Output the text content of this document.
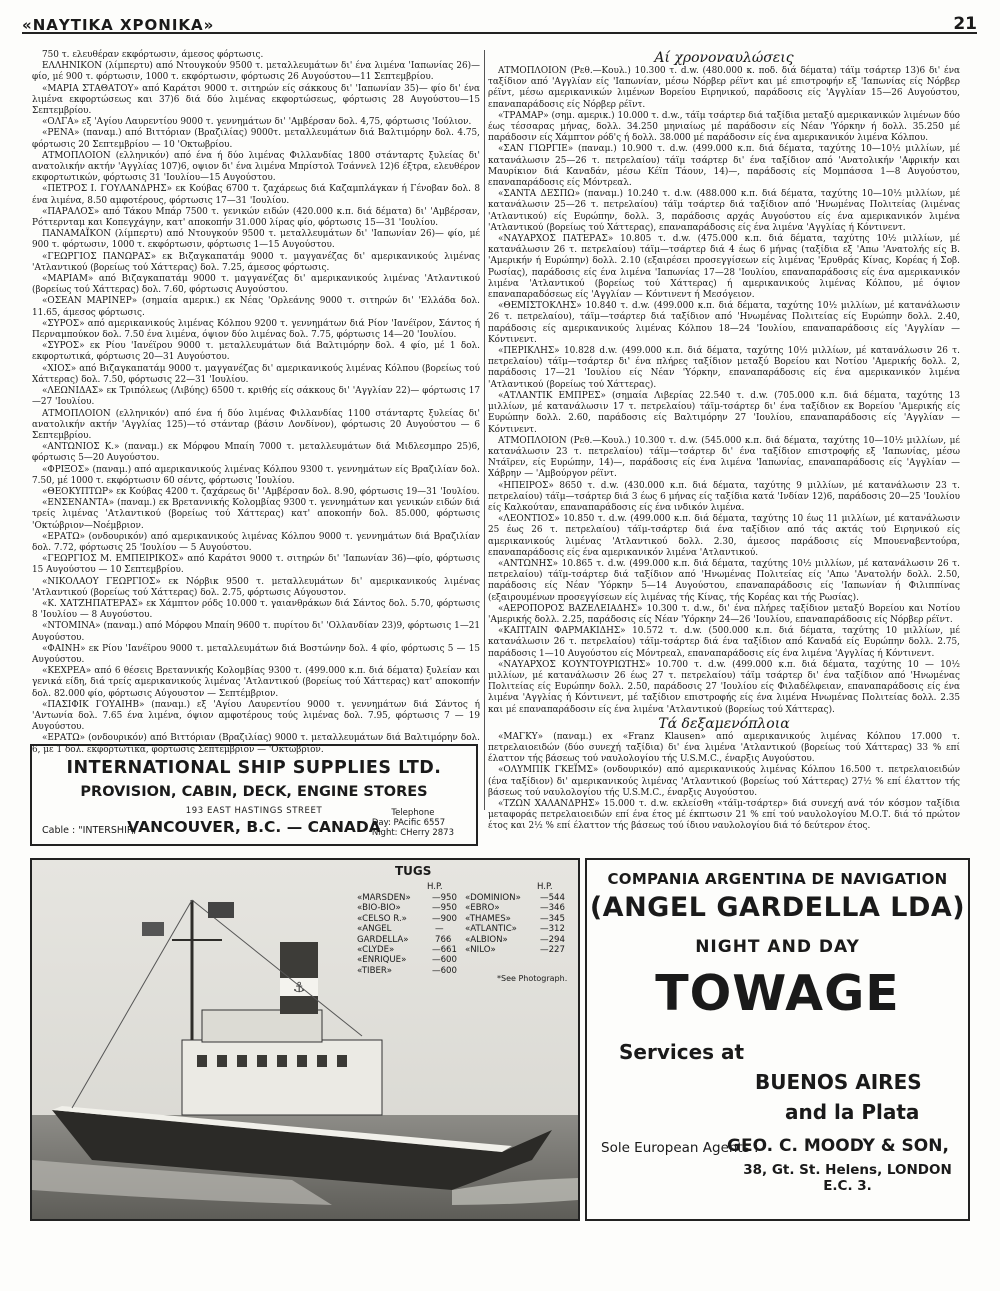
«ΝΑΥΤΙΚΑ ΧΡΟΝΙΚΑ»	21

750 τ. ελευθέραν εκφόρτωσιν, άμεσος φόρτωσις.

ΕΛΛΗΝΙΚΟΝ (λίμπερτυ) από Ντουγκούν 9500 τ. μεταλλευμάτων δι' ένα λιμένα 'Ιαπωνίας 26)— φίο, μέ 900 τ. φόρτωσιν, 1000 τ. εκφόρτωσιν, φόρτωσις 26 Αυγούστου—11 Σεπτεμβρίου.

«ΜΑΡΙΑ ΣΤΑΘΑΤΟΥ» από Καράτσι 9000 τ. σιτηρών είς σάκκους δι' 'Ιαπωνίαν 35)— φίο δι' ένα λιμένα εκφορτώσεως και 37)6 διά δύο λιμένας εκφορτώσεως, φόρτωσις 28 Αυγούστου—15 Σεπτεμβρίου.

«ΟΛΓΑ» εξ 'Αγίου Λαυρεντίου 9000 τ. γεννημάτων δι' 'Αμβέρσαν δολ. 4,75, φόρτωσις 'Ιούλιον.

«ΡΕΝΑ» (παναμ.) από Βιττόριαν (Βραζιλίας) 9000τ. μεταλλευμάτων διά Βαλτιμόρην δολ. 4.75, φόρτωσις 20 Σεπτεμβρίου — 10 'Οκτωβρίου.

ΑΤΜΟΠΛΟΙΟΝ (ελληνικόν) από ένα ή δύο λιμένας Φιλλανδίας 1800 στάνταρτς ξυλείας δι' ανατολικήν ακτήν 'Αγγλίας 107)6, οψιον δι' ένα λιμένα Μπρίστολ Τσάννελ 12)6 έξτρα, ελευθέρον εκφορτωτικών, φόρτωσις 31 'Ιουλίου—15 Αυγούστου.

«ΠΕΤΡΟΣ Ι. ΓΟΥΛΑΝΔΡΗΣ» εκ Κούβας 6700 τ. ζαχάρεως διά Καζαμπλάγκαν ή Γένοβαν δολ. 8 ένα λιμένα, 8.50 αμφοτέρους, φόρτωσις 17—31 'Ιουλίου.

«ΠΑΡΑΛΟΣ» από Τάκου Μπάρ 7500 τ. γενικών ειδών (420.000 κ.π. διά δέματα) δι' 'Αμβέρσαν, Ρόττερνταμ και Κοπεγχάγην, κατ' αποκοπήν 31.000 λίρας φίο, φόρτωσις 15—31 'Ιουλίου.

ΠΑΝΑΜΑΪΚΟΝ (λίμπερτυ) από Ντουγκούν 9500 τ. μεταλλευμάτων δι' 'Ιαπωνίαν 26)— φίο, μέ 900 τ. φόρτωσιν, 1000 τ. εκφόρτωσιν, φόρτωσις 1—15 Αυγούστου.

«ΓΕΩΡΓΙΟΣ ΠΑΝΩΡΑΣ» εκ Βιζαγκαπατάμ 9000 τ. μαγγανέζας δι' αμερικανικούς λιμένας 'Ατλαντικού (βορείως τού Χάττερας) δολ. 7.25, άμεσος φόρτωσις.

«ΜΑΡΙΑΜ» από Βιζαγκαπατάμ 9000 τ. μαγγανέζας δι' αμερικανικούς λιμένας 'Ατλαντικού (βορείως τού Χάττερας) δολ. 7.60, φόρτωσις Αυγούστου.

«ΟΣΕΑΝ ΜΑΡΙΝΕΡ» (σημαία αμερικ.) εκ Νέας 'Ορλεάνης 9000 τ. σιτηρών δι' 'Ελλάδα δολ. 11.65, άμεσος φόρτωσις.

«ΣΥΡΟΣ» από αμερικανικούς λιμένας Κόλπου 9200 τ. γεννημάτων διά Ρίον 'Ιανέϊρον, Σάντος ή Περναμπούκον δολ. 7.50 ένα λιμένα, όψιον δύο λιμένας δολ. 7.75, φόρτωσις 14—20 'Ιουλίου.

«ΣΥΡΟΣ» εκ Ρίου 'Ιανέϊρου 9000 τ. μεταλλευμάτων διά Βαλτιμόρην δολ. 4 φίο, μέ 1 δολ. εκφορτωτικά, φόρτωσις 20—31 Αυγούστου.

«ΧΙΟΣ» από Βιζαγκαπατάμ 9000 τ. μαγγανέζας δι' αμερικανικούς λιμένας Κόλπου (βορείως τού Χάττερας) δολ. 7.50, φόρτωσις 22—31 'Ιουλίου.

«ΛΕΩΝΙΔΑΣ» εκ Τριπόλεως (Λιβύης) 6500 τ. κριθής είς σάκκους δι' 'Αγγλίαν 22)— φόρτωσις 17—27 'Ιουλίου.

ΑΤΜΟΠΛΟΙΟΝ (ελληνικόν) από ένα ή δύο λιμένας Φιλλανδίας 1100 στάνταρτς ξυλείας δι' ανατολικήν ακτήν 'Αγγλίας 125)—τό στάνταρ (βάσιν Λονδίνον), φόρτωσις 20 Αυγούστου — 6 Σεπτεμβρίου.

«ΑΝΤΩΝΙΟΣ Κ.» (παναμ.) εκ Μόρφου Μπαίη 7000 τ. μεταλλευμάτων διά Μιδλεσμπρο 25)6, φόρτωσις 5—20 Αυγούστου.

«ΦΡΙΞΟΣ» (παναμ.) από αμερικανικούς λιμένας Κόλπου 9300 τ. γεννημάτων είς Βραζιλίαν δολ. 7.50, μέ 1000 τ. εκφόρτωσιν 60 σέντς, φόρτωσις 'Ιουλίου.

«ΘΕΟΚΥΠΤΩΡ» εκ Κούβας 4200 τ. ζαχάρεως δι' 'Αμβέρσαν δολ. 8.90, φόρτωσις 19—31 'Ιουλίου.

«ΕΝΣΕΝΑΝΤΑ» (παναμ.) εκ Βρεταννικής Κολομβίας 9300 τ. γεννημάτων και γενικών ειδών διά τρείς λιμένας 'Ατλαντικού (βορείως τού Χάττερας) κατ' αποκοπήν δολ. 85.000, φόρτωσις 'Οκτώβριον—Νοέμβριον.

«ΕΡΑΤΩ» (ονδουρικόν) από αμερικανικούς λιμένας Κόλπου 9000 τ. γεννημάτων διά Βραζιλίαν δολ. 7.72, φόρτωσις 25 'Ιουλίου — 5 Αυγούστου.

«ΓΕΩΡΓΙΟΣ Μ. ΕΜΠΕΙΡΙΚΟΣ» από Καράτσι 9000 τ. σιτηρών δι' 'Ιαπωνίαν 36)—φίο, φόρτωσις 15 Αυγούστου — 10 Σεπτεμβρίου.

«ΝΙΚΟΛΑΟΥ ΓΕΩΡΓΙΟΣ» εκ Νόρβικ 9500 τ. μεταλλευμάτων δι' αμερικανικούς λιμένας 'Ατλαντικού (βορείως τού Χάττερας) δολ. 2.75, φόρτωσις Αύγουστον.

«Κ. ΧΑΤΖΗΠΑΤΕΡΑΣ» εκ Χάμπτον ρόδς 10.000 τ. γαιανθράκων διά Σάντος δολ. 5.70, φόρτωσις 8 'Ιουλίου — 8 Αυγούστου.

«ΝΤΟΜΙΝΑ» (παναμ.) από Μόρφου Μπαίη 9600 τ. πυρίτου δι' 'Ολλανδίαν 23)9, φόρτωσις 1—21 Αυγούστου.

«ΦΑΙΝΗ» εκ Ρίου 'Ιανέϊρου 9000 τ. μεταλλευμάτων διά Βοστώνην δολ. 4 φίο, φόρτωσις 5 — 15 Αυγούστου.

«ΚΕΧΡΕΑ» από 6 θέσεις Βρεταννικής Κολομβίας 9300 τ. (499.000 κ.π. διά δέματα) ξυλείαν και γενικά είδη, διά τρείς αμερικανικούς λιμένας 'Ατλαντικού (βορείως τού Χάττερας) κατ' αποκοπήν δολ. 82.000 φίο, φόρτωσις Αύγουστον — Σεπτέμβριον.

«ΠΑΣΙΦΙΚ ΓΟΥΑΙΗΒ» (παναμ.) εξ 'Αγίου Λαυρεντίου 9000 τ. γεννημάτων διά Σάντος ή 'Αντωνία δολ. 7.65 ένα λιμένα, όψιον αμφοτέρους τούς λιμένας δολ. 7.95, φόρτωσις 7 — 19 Αυγούστου.

«ΕΡΑΤΩ» (ονδουρικόν) από Βιττόριαν (Βραζιλίας) 9000 τ. μεταλλευμάτων διά Βαλτιμόρην δολ. 6, μέ 1 δολ. εκφορτωτικά, φόρτωσις Σεπτέμβριον — 'Οκτώβριον.

Αί χρονοναυλώσεις

ΑΤΜΟΠΛΟΙΟΝ (Ρεθ.—Κουλ.) 10.300 τ. d.w. (480.000 κ. ποδ. διά δέματα) τάϊμ τσάρτερ 13)6 δι' ένα ταξίδιον από 'Αγγλίαν είς 'Ιαπωνίαν, μέσω Νόρβερ ρέϊντ και μέ επιστροφήν εξ 'Ιαπωνίας είς Νόρβερ ρέϊντ, μέσω αμερικανικών λιμένων Βορείου Ειρηνικού, παράδοσις είς 'Αγγλίαν 15—26 Αυγούστου, επαναπαράδοσις είς Νόρβερ ρέϊντ.

«ΤΡΑΜΑΡ» (σημ. αμερικ.) 10.000 τ. d.w., τάϊμ τσάρτερ διά ταξίδια μεταξύ αμερικανικών λιμένων δύο έως τέσσαρας μήνας, δολλ. 34.250 μηνιαίως μέ παράδοσιν είς Νέαν 'Υόρκην ή δολλ. 35.250 μέ παράδοσιν είς Χάμπτον ρόδ'ς ή δολλ. 38.000 μέ παράδοσιν είς ένα αμερικανικόν λιμένα Κόλπου.

«ΣΑΝ ΓΙΩΡΓΙΕ» (παναμ.) 10.900 τ. d.w. (499.000 κ.π. διά δέματα, ταχύτης 10—10½ μιλλίων, μέ κατανάλωσιν 25—26 τ. πετρελαίου) τάϊμ τσάρτερ δι' ένα ταξίδιον από 'Ανατολικήν 'Αφρικήν και Μαυρίκιον διά Καναδάν, μέσω Κέϊπ Τάουν, 14)—, παράδοσις είς Μομπάσσα 1—8 Αυγούστου, επαναπαράδοσις είς Μόντρεαλ.

«ΣΑΝΤΑ ΔΕΣΠΩ» (παναμ.) 10.240 τ. d.w. (488.000 κ.π. διά δέματα, ταχύτης 10—10½ μιλλίων, μέ κατανάλωσιν 25—26 τ. πετρελαίου) τάϊμ τσάρτερ διά ταξίδιον από 'Ηνωμένας Πολιτείας (λιμένας 'Ατλαντικού) είς Ευρώπην, δολλ. 3, παράδοσις αρχάς Αυγούστου είς ένα αμερικανικόν λιμένα 'Ατλαντικού (βορείως τού Χάττερας), επαναπαράδοσις είς ένα λιμένα 'Αγγλίας ή Κόντινεντ.

«ΝΑΥΑΡΧΟΣ ΠΑΤΕΡΑΣ» 10.805 τ. d.w. (475.000 κ.π. διά δέματα, ταχύτης 10½ μιλλίων, μέ κατανάλωσιν 26 τ. πετρελαίου) τάϊμ—τσάρτερ διά 4 έως 6 μήνας (ταξίδια εξ 'Απω 'Ανατολής είς Β. 'Αμερικήν ή Ευρώπην) δολλ. 2.10 (εξαιρέσει προσεγγίσεων είς λιμένας 'Ερυθράς Κίνας, Κορέας ή Σοβ. Ρωσίας), παράδοσις είς ένα λιμένα 'Ιαπωνίας 17—28 'Ιουλίου, επαναπαράδοσις είς ένα αμερικανικόν λιμένα 'Ατλαντικού (βορείως τού Χάττερας) ή αμερικανικούς λιμένας Κόλπου, μέ όψιον επαναπαραδόσεως είς 'Αγγλίαν — Κόντινεντ ή Μεσόγειον.

«ΘΕΜΙΣΤΟΚΛΗΣ» 10.840 τ. d.w. (499.000 κ.π. διά δέματα, ταχύτης 10½ μιλλίων, μέ κατανάλωσιν 26 τ. πετρελαίου), τάϊμ—τσάρτερ διά ταξίδιον από 'Ηνωμένας Πολιτείας είς Ευρώπην δολλ. 2.40, παράδοσις είς αμερικανικούς λιμένας Κόλπου 18—24 'Ιουλίου, επαναπαράδοσις είς 'Αγγλίαν — Κόντινεντ.

«ΠΕΡΙΚΛΗΣ» 10.828 d.w. (499.000 κ.π. διά δέματα, ταχύτης 10½ μιλλίων, μέ κατανάλωσιν 26 τ. πετρελαίου) τάϊμ—τσάρτερ δι' ένα πλήρες ταξίδιον μεταξύ Βορείου και Νοτίου 'Αμερικής δολλ. 2, παράδοσις 17—21 'Ιουλίου είς Νέαν 'Υόρκην, επαναπαράδοσις είς ένα αμερικανικόν λιμένα 'Ατλαντικού (βορείως τού Χάττερας).

«ΑΤΛΑΝΤΙΚ ΕΜΠΡΕΣ» (σημαία Λιβερίας 22.540 τ. d.w. (705.000 κ.π. διά δέματα, ταχύτης 13 μιλλίων, μέ κατανάλωσιν 17 τ. πετρελαίου) τάϊμ-τσάρτερ δι' ένα ταξίδιον εκ Βορείου 'Αμερικής είς Ευρώπην δολλ. 2.60, παράδοσις είς Βαλτιμόρην 27 'Ιουλίου, επαναπαράδοσις είς 'Αγγλίαν — Κόντινεντ.

ΑΤΜΟΠΛΟΙΟΝ (Ρεθ.—Κουλ.) 10.300 τ. d.w. (545.000 κ.π. διά δέματα, ταχύτης 10—10½ μιλλίων, μέ κατανάλωσιν 23 τ. πετρελαίου) τάϊμ—τσάρτερ δι' ένα ταξίδιον επιστροφής εξ 'Ιαπωνίας, μέσω Ντάϊρεν, είς Ευρώπην, 14)—, παράδοσις είς ένα λιμένα 'Ιαπωνίας, επαναπαράδοσις είς 'Αγγλίαν — Χάβρην — 'Αμβούργον ρέϊντ.

«ΗΠΕΙΡΟΣ» 8650 τ. d.w. (430.000 κ.π. διά δέματα, ταχύτης 9 μιλλίων, μέ κατανάλωσιν 23 τ. πετρελαίου) τάϊμ—τσάρτερ διά 3 έως 6 μήνας είς ταξίδια κατά 'Ινδίαν 12)6, παράδοσις 20—25 'Ιουλίου είς Καλκούταν, επαναπαράδοσις είς ένα ινδικόν λιμένα.

«ΛΕΟΝΤΙΟΣ» 10.850 τ. d.w. (499.000 κ.π. διά δέματα, ταχύτης 10 έως 11 μιλλίων, μέ κατανάλωσιν 25 έως 26 τ. πετρελαίου) τάϊμ-τσάρτερ διά ένα ταξίδιον από τάς ακτάς τού Ειρηνικού είς αμερικανικούς λιμένας 'Ατλαντικού δολλ. 2.30, άμεσος παράδοσις είς Μπουεναβεντούρα, επαναπαράδοσις είς ένα αμερικανικόν λιμένα 'Ατλαντικού.

«ΑΝΤΩΝΗΣ» 10.865 τ. d.w. (499.000 κ.π. διά δέματα, ταχύτης 10½ μιλλίων, μέ κατανάλωσιν 26 τ. πετρελαίου) τάϊμ-τσάρτερ διά ταξίδιον από 'Ηνωμένας Πολιτείας είς 'Απω 'Ανατολήν δολλ. 2.50, παράδοσις είς Νέαν 'Υόρκην 5—14 Αυγούστου, επαναπαράδοσις είς 'Ιαπωνίαν ή Φιλιππίνας (εξαιρουμένων προσεγγίσεων είς λιμένας τής Κίνας, τής Κορέας και τής Ρωσίας).

«ΑΕΡΟΠΟΡΟΣ ΒΑΖΕΛΕΙΑΔΗΣ» 10.300 τ. d.w., δι' ένα πλήρες ταξίδιον μεταξύ Βορείου και Νοτίου 'Αμερικής δολλ. 2.25, παράδοσις είς Νέαν 'Υόρκην 24—26 'Ιουλίου, επαναπαράδοσις είς Νόρβερ ρέϊντ.

«ΚΑΠΤΑΙΝ ΦΑΡΜΑΚΙΔΗΣ» 10.572 τ. d.w. (500.000 κ.π. διά δέματα, ταχύτης 10 μιλλίων, μέ κατανάλωσιν 26 τ. πετρελαίου) τάϊμ-τσάρτερ διά ένα ταξίδιον από Καναδά είς Ευρώπην δολλ. 2.75, παράδοσις 1—10 Αυγούστου είς Μόντρεαλ, επαναπαράδοσις είς ένα λιμένα 'Αγγλίας ή Κόντινεντ.

«ΝΑΥΑΡΧΟΣ ΚΟΥΝΤΟΥΡΙΩΤΗΣ» 10.700 τ. d.w. (499.000 κ.π. διά δέματα, ταχύτης 10 — 10½ μιλλίων, μέ κατανάλωσιν 26 έως 27 τ. πετρελαίου) τάϊμ τσάρτερ δι' ένα ταξίδιον από 'Ηνωμένας Πολιτείας είς Ευρώπην δολλ. 2.50, παράδοσις 27 'Ιουλίου είς Φιλαδέλφειαν, επαναπαράδοσις είς ένα λιμένα 'Αγγλίας ή Κόντινεντ, μέ ταξίδιον επιστροφής είς ένα λιμένα Ηνωμένας Πολιτείας δολλ. 2.35 και μέ επαναπαράδοσιν είς ένα λιμένα 'Ατλαντικού (βορείως τού Χάττερας).

Τά δεξαμενόπλοια

«ΜΑΓΚΥ» (παναμ.) ex «Franz Klausen» από αμερικανικούς λιμένας Κόλπου 17.000 τ. πετρελαιοειδών (δύο συνεχή ταξίδια) δι' ένα λιμένα 'Ατλαντικού (βορείως τού Χάττερας) 33 % επί έλαττον τής βάσεως τού ναυλολογίου τής U.S.M.C., έναρξις Αυγούστου.

«ΟΛΥΜΠΙΚ ΓΚΕΪΜΣ» (ονδουρικόν) από αμερικανικούς λιμένας Κόλπου 16.500 τ. πετρελαιοειδών (ένα ταξίδιον) δι' αμερικανικούς λιμένας 'Ατλαντικού (βορείως τού Χάττερας) 27½ % επί έλαττον τής βάσεως τού ναυλολογίου τής U.S.M.C., έναρξις Αυγούστου.

«ΤΖΩΝ ΧΑΛΑΝΔΡΗΣ» 15.000 τ. d.w. εκλείσθη «τάϊμ-τσάρτερ» διά συνεχή ανά τόν κόσμον ταξίδια μεταφοράς πετρελαιοειδών επί ένα έτος μέ έκπτωσιν 21 % επί τού ναυλολογίου Μ.Ο.Τ. διά τό πρώτον έτος και 2½ % επί έλαττον τής βάσεως τού ίδιου ναυλολογίου διά τό δεύτερον έτος.

INTERNATIONAL SHIP SUPPLIES LTD.
PROVISION, CABIN, DECK, ENGINE STORES
193 EAST HASTINGS STREET
VANCOUVER, B.C. — CANADA
Cable : "INTERSHIP„
Telephone
Day: PAcific 6557
Night: CHerry 2873
⚓
TUGS
H.P.	H.P.
«MARSDEN» —950
«BIO-BIO»	—950
«CELSO R.»	—900
«ANGEL GARDELLA»
—766
«CLYDE»	—661
«ENRIQUE»	—600
«TIBER»	—600
«DOMINION» —544
«EBRO»	—346
«THAMES»	—345
«ATLANTIC»	—312
«ALBION»	—294
«NILO»	—227
*See Photograph.
COMPANIA ARGENTINA DE NAVIGATION
(ANGEL GARDELLA LDA)
NIGHT AND DAY
TOWAGE
Services at
BUENOS AIRES
and la Plata
Sole European Agents :
GEO. C. MOODY & SON,
38, Gt. St. Helens, LONDON E.C. 3.
